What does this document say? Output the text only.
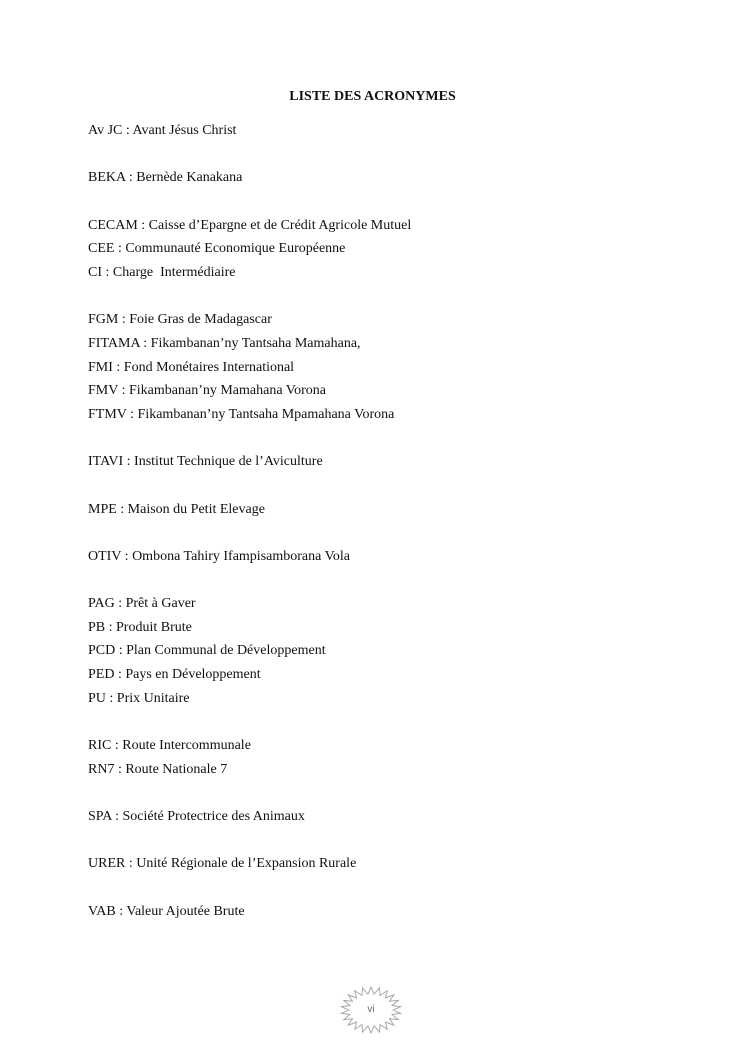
LISTE DES ACRONYMES
Av JC : Avant Jésus Christ
BEKA : Bernède Kanakana
CECAM : Caisse d’Epargne et de Crédit Agricole Mutuel
CEE : Communauté Economique Européenne
CI : Charge  Intermédiaire
FGM : Foie Gras de Madagascar
FITAMA : Fikambanan’ny Tantsaha Mamahana,
FMI : Fond Monétaires International
FMV : Fikambanan’ny Mamahana Vorona
FTMV : Fikambanan’ny Tantsaha Mpamahana Vorona
ITAVI : Institut Technique de l’Aviculture
MPE : Maison du Petit Elevage
OTIV : Ombona Tahiry Ifampisamborana Vola
PAG : Prêt à Gaver
PB : Produit Brute
PCD : Plan Communal de Développement
PED : Pays en Développement
PU : Prix Unitaire
RIC : Route Intercommunale
RN7 : Route Nationale 7
SPA : Société Protectrice des Animaux
URER : Unité Régionale de l’Expansion Rurale
VAB : Valeur Ajoutée Brute
vi
